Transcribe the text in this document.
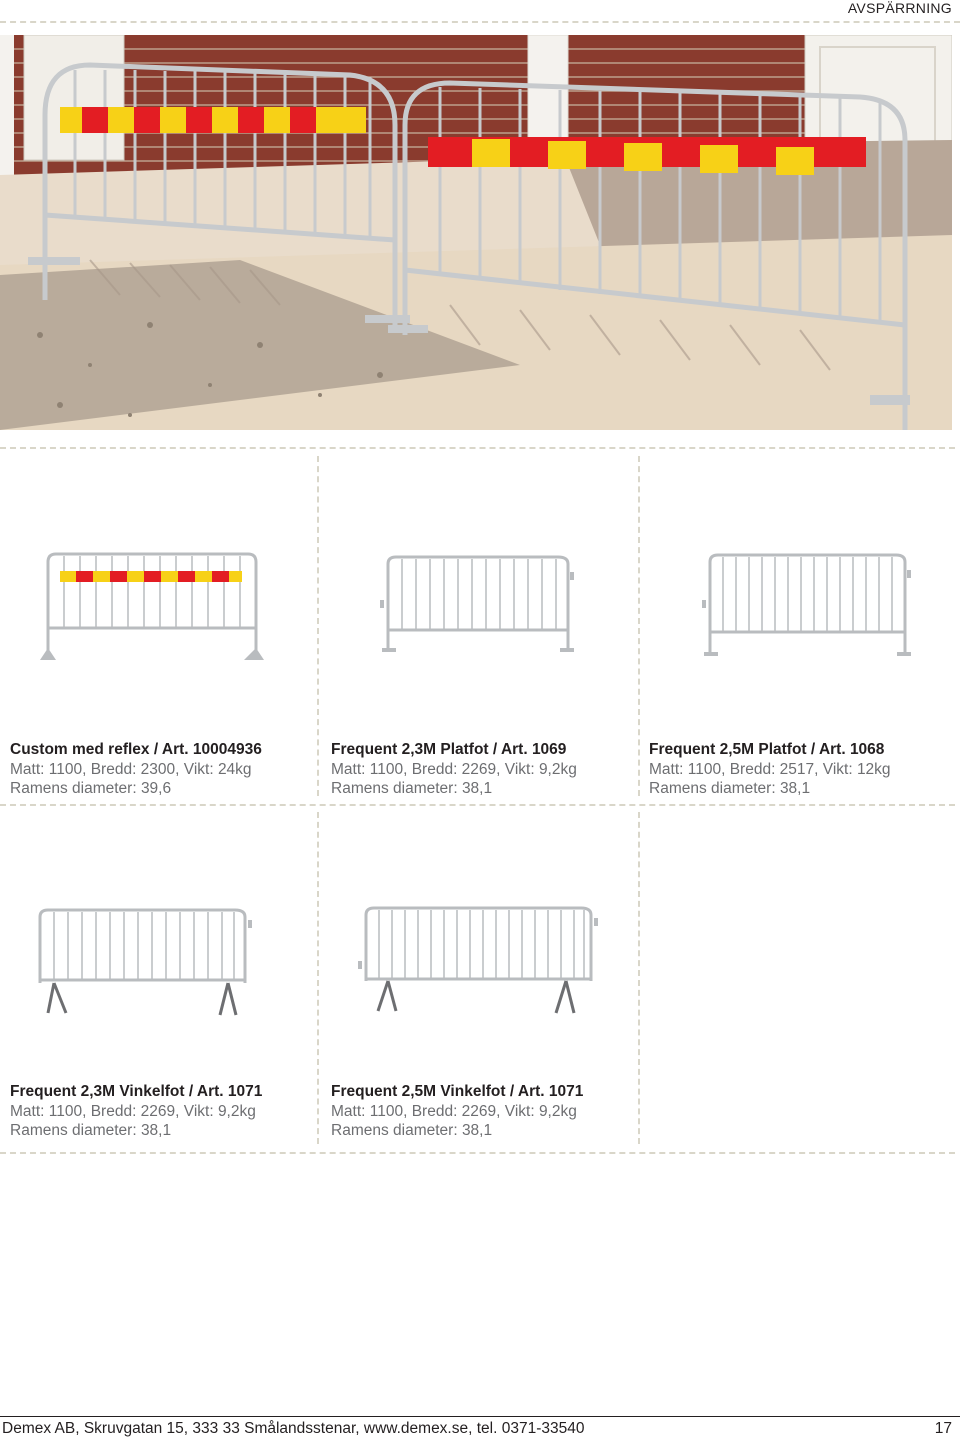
AVSPÄRRNING
Custom med reflex / Art. 10004936
Matt: 1100, Bredd: 2300, Vikt: 24kg
Ramens diameter: 39,6
Frequent 2,3M Platfot / Art. 1069
Matt: 1100, Bredd: 2269, Vikt: 9,2kg
Ramens diameter: 38,1
Frequent 2,5M Platfot / Art. 1068
Matt: 1100, Bredd: 2517, Vikt: 12kg
Ramens diameter: 38,1
Frequent 2,3M Vinkelfot / Art. 1071
Matt: 1100, Bredd: 2269, Vikt: 9,2kg
Ramens diameter: 38,1
Frequent 2,5M Vinkelfot / Art. 1071
Matt: 1100, Bredd: 2269, Vikt: 9,2kg
Ramens diameter: 38,1
Demex AB, Skruvgatan 15, 333 33 Smålandsstenar, www.demex.se, tel. 0371-33540	17
